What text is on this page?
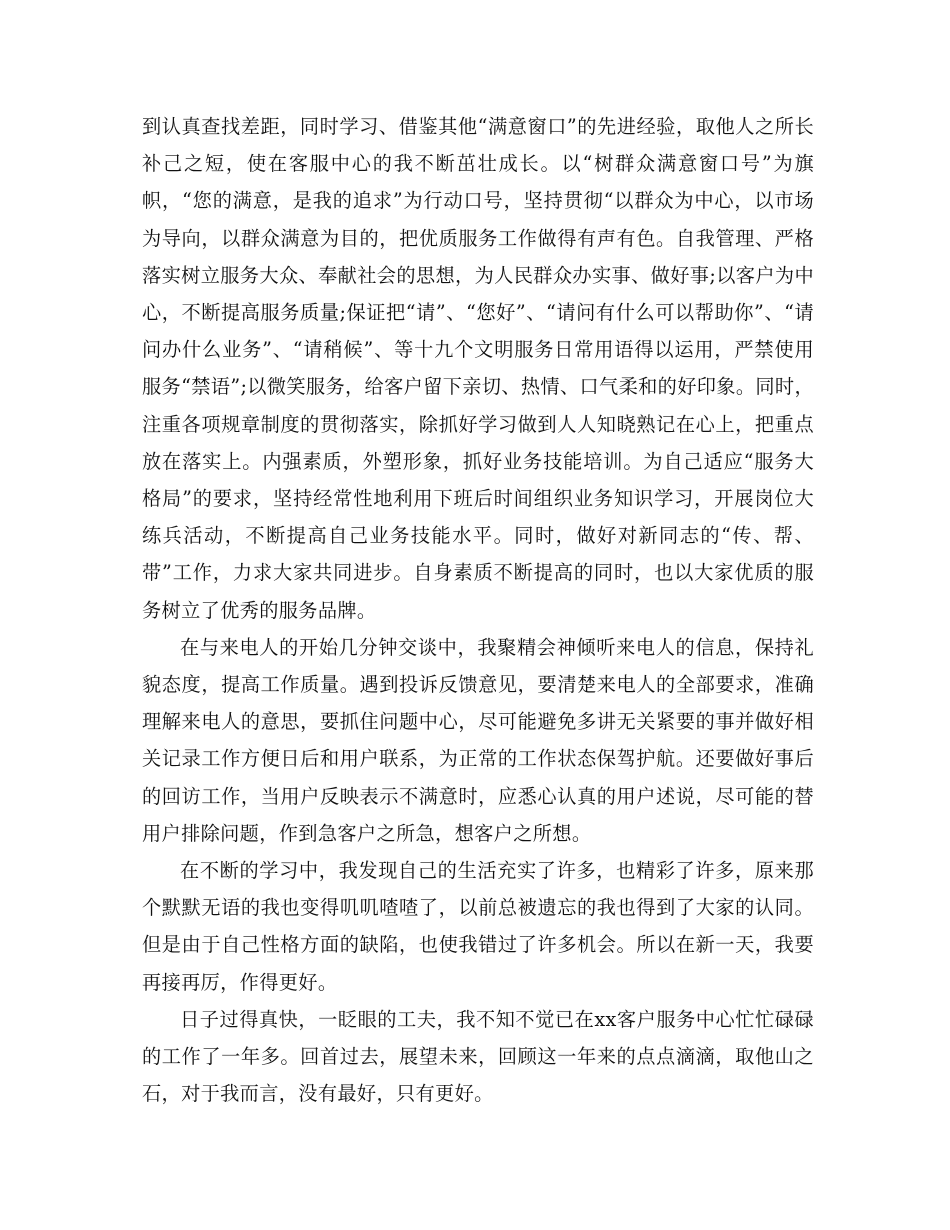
到认真查找差距，同时学习、借鉴其他“满意窗口”的先进经验，取他人之所长补己之短，使在客服中心的我不断茁壮成长。以“树群众满意窗口号”为旗帜，“您的满意，是我的追求”为行动口号，坚持贯彻“以群众为中心，以市场为导向，以群众满意为目的，把优质服务工作做得有声有色。自我管理、严格落实树立服务大众、奉献社会的思想，为人民群众办实事、做好事;以客户为中心，不断提高服务质量;保证把“请”、“您好”、“请问有什么可以帮助你”、“请问办什么业务”、“请稍候”、等十九个文明服务日常用语得以运用，严禁使用服务“禁语”;以微笑服务，给客户留下亲切、热情、口气柔和的好印象。同时，注重各项规章制度的贯彻落实，除抓好学习做到人人知晓熟记在心上，把重点放在落实上。内强素质，外塑形象，抓好业务技能培训。为自己适应“服务大格局”的要求，坚持经常性地利用下班后时间组织业务知识学习，开展岗位大练兵活动，不断提高自己业务技能水平。同时，做好对新同志的“传、帮、带”工作，力求大家共同进步。自身素质不断提高的同时，也以大家优质的服务树立了优秀的服务品牌。

在与来电人的开始几分钟交谈中，我聚精会神倾听来电人的信息，保持礼貌态度，提高工作质量。遇到投诉反馈意见，要清楚来电人的全部要求，准确理解来电人的意思，要抓住问题中心，尽可能避免多讲无关紧要的事并做好相关记录工作方便日后和用户联系，为正常的工作状态保驾护航。还要做好事后的回访工作，当用户反映表示不满意时，应悉心认真的用户述说，尽可能的替用户排除问题，作到急客户之所急，想客户之所想。

在不断的学习中，我发现自己的生活充实了许多，也精彩了许多，原来那个默默无语的我也变得叽叽喳喳了，以前总被遗忘的我也得到了大家的认同。但是由于自己性格方面的缺陷，也使我错过了许多机会。所以在新一天，我要再接再厉，作得更好。

日子过得真快，一眨眼的工夫，我不知不觉已在xx客户服务中心忙忙碌碌的工作了一年多。回首过去，展望未来，回顾这一年来的点点滴滴，取他山之石，对于我而言，没有最好，只有更好。
